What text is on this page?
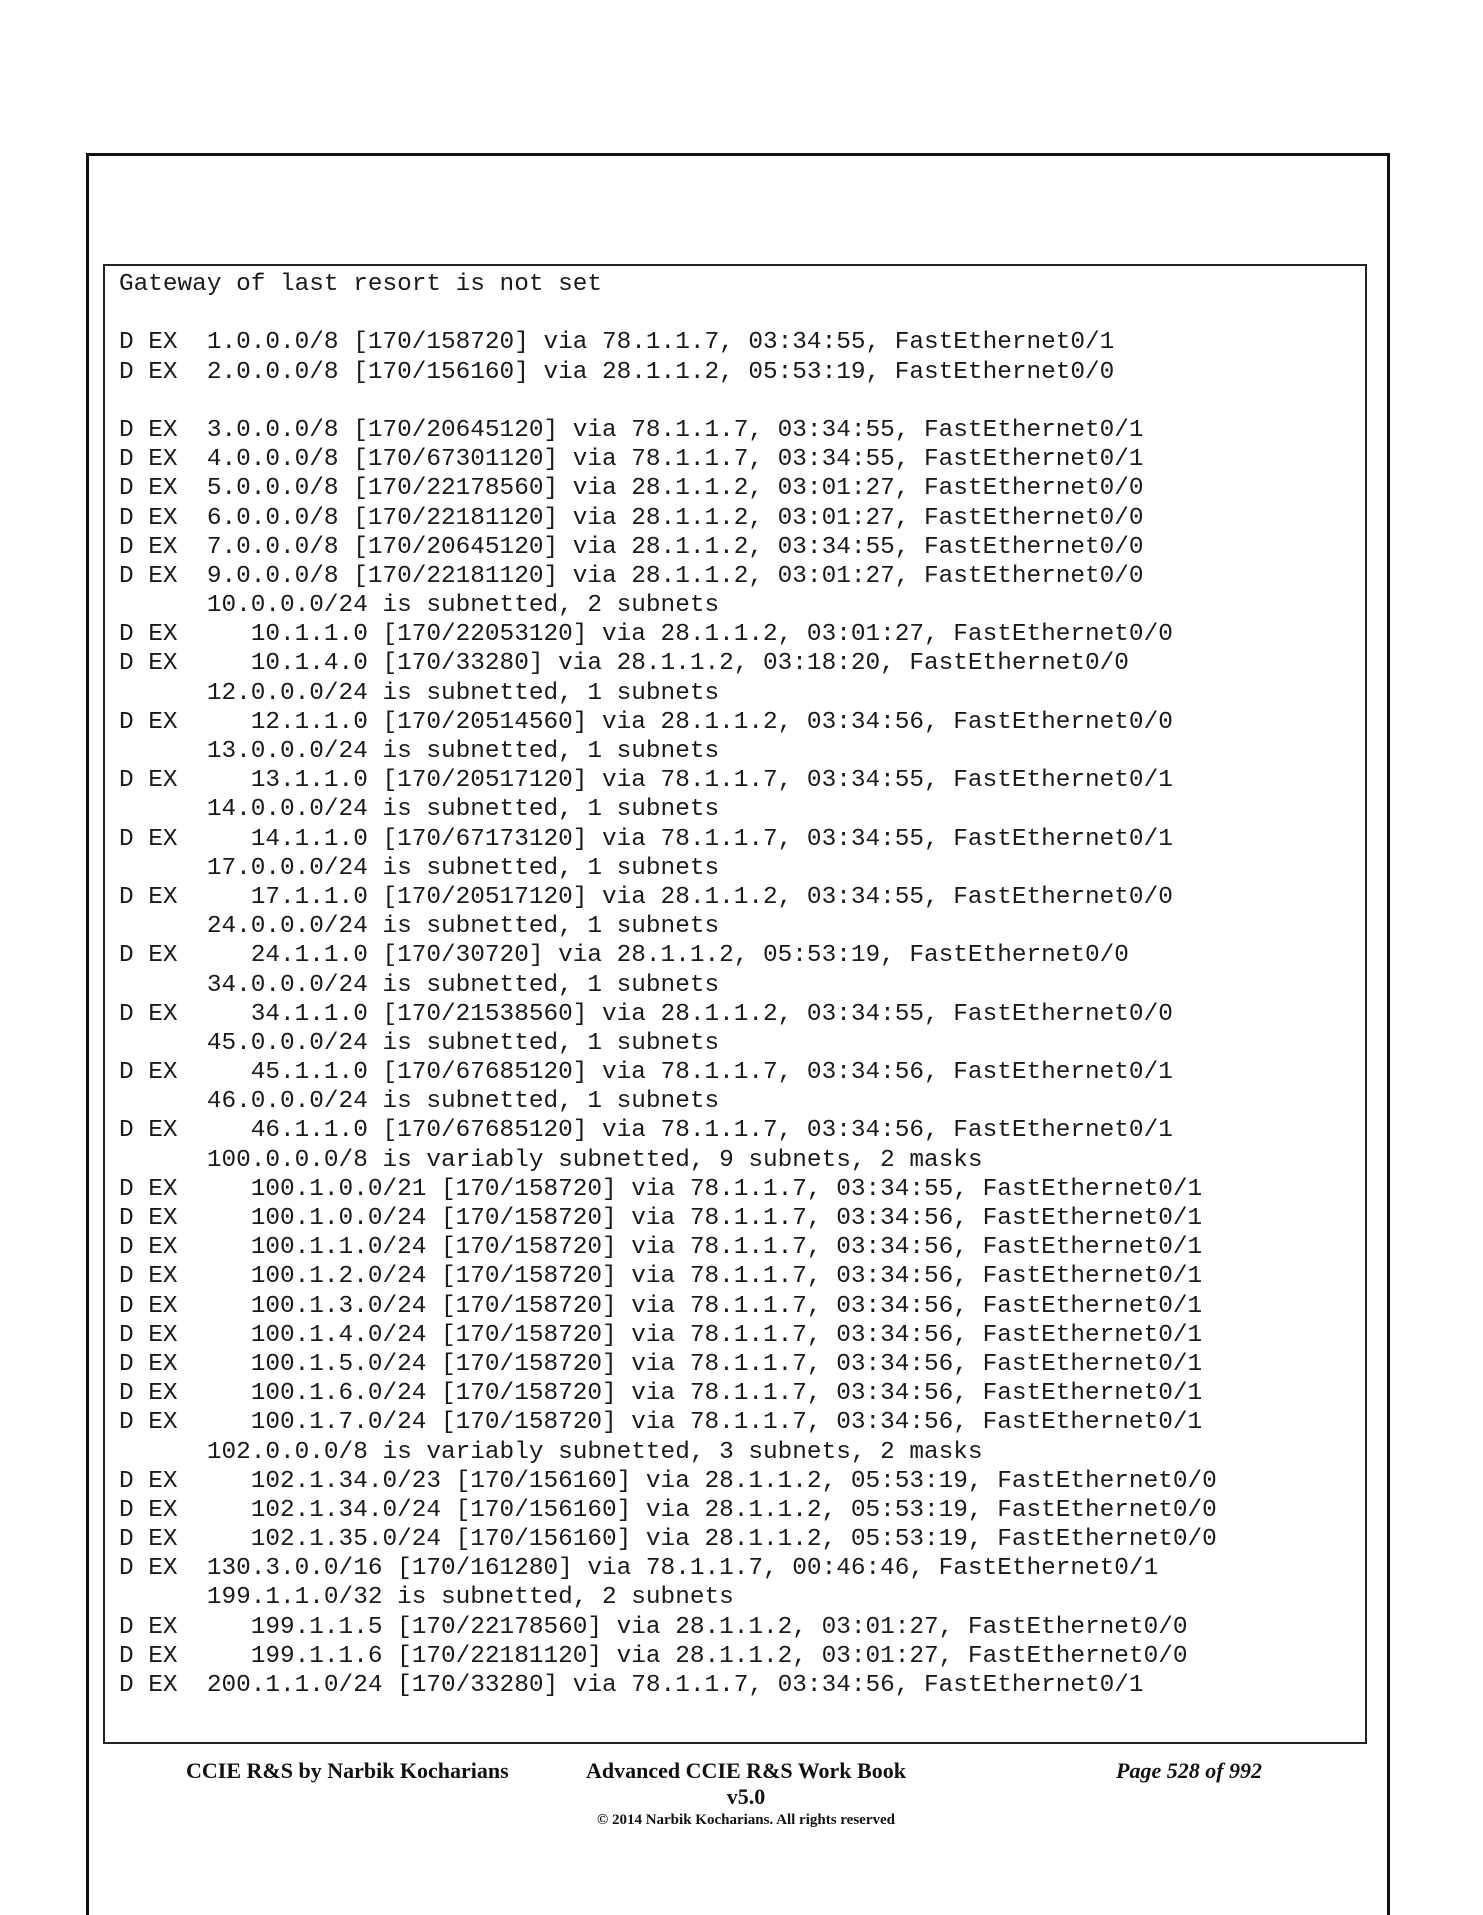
Gateway of last resort is not set

D EX  1.0.0.0/8 [170/158720] via 78.1.1.7, 03:34:55, FastEthernet0/1
D EX  2.0.0.0/8 [170/156160] via 28.1.1.2, 05:53:19, FastEthernet0/0

D EX  3.0.0.0/8 [170/20645120] via 78.1.1.7, 03:34:55, FastEthernet0/1
D EX  4.0.0.0/8 [170/67301120] via 78.1.1.7, 03:34:55, FastEthernet0/1
D EX  5.0.0.0/8 [170/22178560] via 28.1.1.2, 03:01:27, FastEthernet0/0
D EX  6.0.0.0/8 [170/22181120] via 28.1.1.2, 03:01:27, FastEthernet0/0
D EX  7.0.0.0/8 [170/20645120] via 28.1.1.2, 03:34:55, FastEthernet0/0
D EX  9.0.0.0/8 [170/22181120] via 28.1.1.2, 03:01:27, FastEthernet0/0
10.0.0.0/24 is subnetted, 2 subnets
D EX     10.1.1.0 [170/22053120] via 28.1.1.2, 03:01:27, FastEthernet0/0
D EX     10.1.4.0 [170/33280] via 28.1.1.2, 03:18:20, FastEthernet0/0
12.0.0.0/24 is subnetted, 1 subnets
D EX     12.1.1.0 [170/20514560] via 28.1.1.2, 03:34:56, FastEthernet0/0
13.0.0.0/24 is subnetted, 1 subnets
D EX     13.1.1.0 [170/20517120] via 78.1.1.7, 03:34:55, FastEthernet0/1
14.0.0.0/24 is subnetted, 1 subnets
D EX     14.1.1.0 [170/67173120] via 78.1.1.7, 03:34:55, FastEthernet0/1
17.0.0.0/24 is subnetted, 1 subnets
D EX     17.1.1.0 [170/20517120] via 28.1.1.2, 03:34:55, FastEthernet0/0
24.0.0.0/24 is subnetted, 1 subnets
D EX     24.1.1.0 [170/30720] via 28.1.1.2, 05:53:19, FastEthernet0/0
34.0.0.0/24 is subnetted, 1 subnets
D EX     34.1.1.0 [170/21538560] via 28.1.1.2, 03:34:55, FastEthernet0/0
45.0.0.0/24 is subnetted, 1 subnets
D EX     45.1.1.0 [170/67685120] via 78.1.1.7, 03:34:56, FastEthernet0/1
46.0.0.0/24 is subnetted, 1 subnets
D EX     46.1.1.0 [170/67685120] via 78.1.1.7, 03:34:56, FastEthernet0/1
100.0.0.0/8 is variably subnetted, 9 subnets, 2 masks
D EX     100.1.0.0/21 [170/158720] via 78.1.1.7, 03:34:55, FastEthernet0/1
D EX     100.1.0.0/24 [170/158720] via 78.1.1.7, 03:34:56, FastEthernet0/1
D EX     100.1.1.0/24 [170/158720] via 78.1.1.7, 03:34:56, FastEthernet0/1
D EX     100.1.2.0/24 [170/158720] via 78.1.1.7, 03:34:56, FastEthernet0/1
D EX     100.1.3.0/24 [170/158720] via 78.1.1.7, 03:34:56, FastEthernet0/1
D EX     100.1.4.0/24 [170/158720] via 78.1.1.7, 03:34:56, FastEthernet0/1
D EX     100.1.5.0/24 [170/158720] via 78.1.1.7, 03:34:56, FastEthernet0/1
D EX     100.1.6.0/24 [170/158720] via 78.1.1.7, 03:34:56, FastEthernet0/1
D EX     100.1.7.0/24 [170/158720] via 78.1.1.7, 03:34:56, FastEthernet0/1
102.0.0.0/8 is variably subnetted, 3 subnets, 2 masks
D EX     102.1.34.0/23 [170/156160] via 28.1.1.2, 05:53:19, FastEthernet0/0
D EX     102.1.34.0/24 [170/156160] via 28.1.1.2, 05:53:19, FastEthernet0/0
D EX     102.1.35.0/24 [170/156160] via 28.1.1.2, 05:53:19, FastEthernet0/0
D EX  130.3.0.0/16 [170/161280] via 78.1.1.7, 00:46:46, FastEthernet0/1
199.1.1.0/32 is subnetted, 2 subnets
D EX     199.1.1.5 [170/22178560] via 28.1.1.2, 03:01:27, FastEthernet0/0
D EX     199.1.1.6 [170/22181120] via 28.1.1.2, 03:01:27, FastEthernet0/0
D EX  200.1.1.0/24 [170/33280] via 78.1.1.7, 03:34:56, FastEthernet0/1
CCIE R&S by Narbik Kocharians	Advanced CCIE R&S Work Book v5.0
© 2014 Narbik Kocharians. All rights reserved
Page 528 of 992
